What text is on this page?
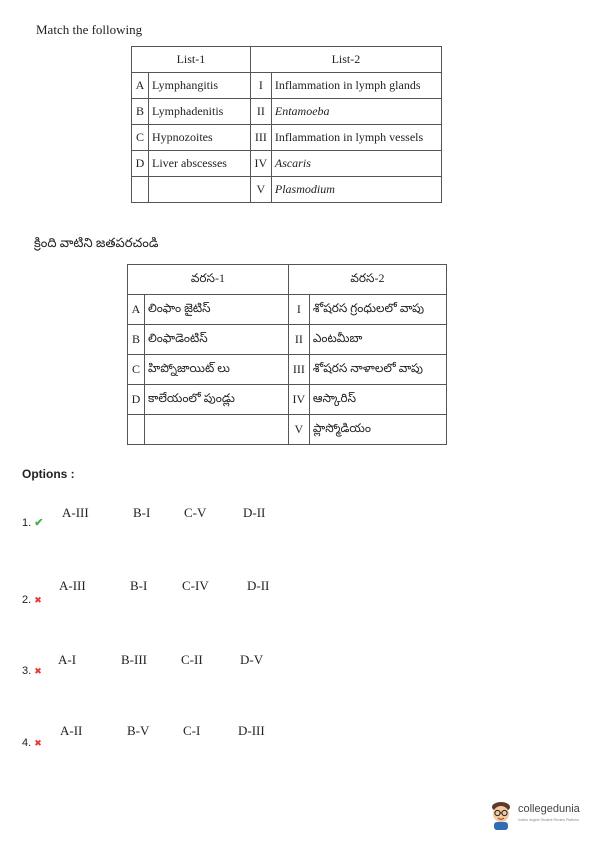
Match the following
List-1		List-2	
A	Lymphangitis	I	Inflammation in lymph glands
B	Lymphadenitis	II	Entamoeba
C	Hypnozoites	III	Inflammation in lymph vessels
D	Liver abscesses	IV	Ascaris
		V	Plasmodium
క్రింది వాటిని జతపరచండి
వరస-1		వరస-2	
A	లింఫాం జైటిస్	I	శోషరస గ్రంధులలో వాపు
B	లింఫాడెంటిస్	II	ఎంటమీబా
C	హిప్నోజాయిట్ లు	III	శోషరస నాళాలలో వాపు
D	కాలేయంలో పుండ్లు	IV	ఆస్కారిస్
		V	ప్లాస్మోడియం
Options :
A-III	B-I	C-V	D-II
1. ✔
A-III	B-I	C-IV	D-II
2. ✖
A-I	B-III	C-II	D-V
3. ✖
A-II	B-V	C-I	D-III
4. ✖
collegedunia
India's largest Student Review Platform
